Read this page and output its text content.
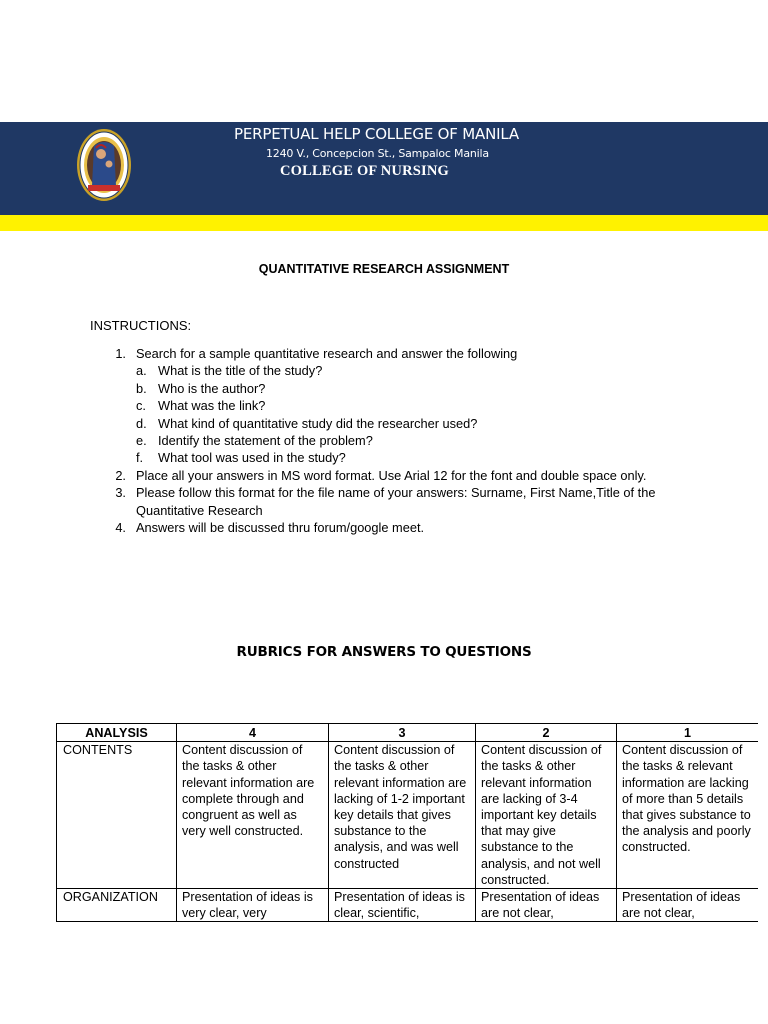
PERPETUAL HELP COLLEGE OF MANILA
1240 V., Concepcion St., Sampaloc Manila
COLLEGE OF NURSING
QUANTITATIVE RESEARCH ASSIGNMENT
INSTRUCTIONS:
1. Search for a sample quantitative research and answer the following
a. What is the title of the study?
b. Who is the author?
c. What was the link?
d. What kind of quantitative study did the researcher used?
e. Identify the statement of the problem?
f. What tool was used in the study?
2. Place all your answers in MS word format. Use Arial 12 for the font and double space only.
3. Please follow this format for the file name of your answers: Surname, First Name,Title of the Quantitative Research
4. Answers will be discussed thru forum/google meet.
RUBRICS FOR ANSWERS TO QUESTIONS
ANALYSIS	4	3	2	1
CONTENTS	Content discussion of the tasks & other relevant information are complete through and congruent as well as very well constructed.	Content discussion of the tasks & other relevant information are lacking of 1-2 important key details that gives substance to the analysis, and was well constructed	Content discussion of the tasks & other relevant information are lacking of 3-4 important key details that may give substance to the analysis, and not well constructed.	Content discussion of the tasks & relevant information are lacking of more than 5 details that gives substance to the analysis and poorly constructed.
ORGANIZATION	Presentation of ideas is very clear, very	Presentation of ideas is clear, scientific,	Presentation of ideas are not clear,	Presentation of ideas are not clear,
